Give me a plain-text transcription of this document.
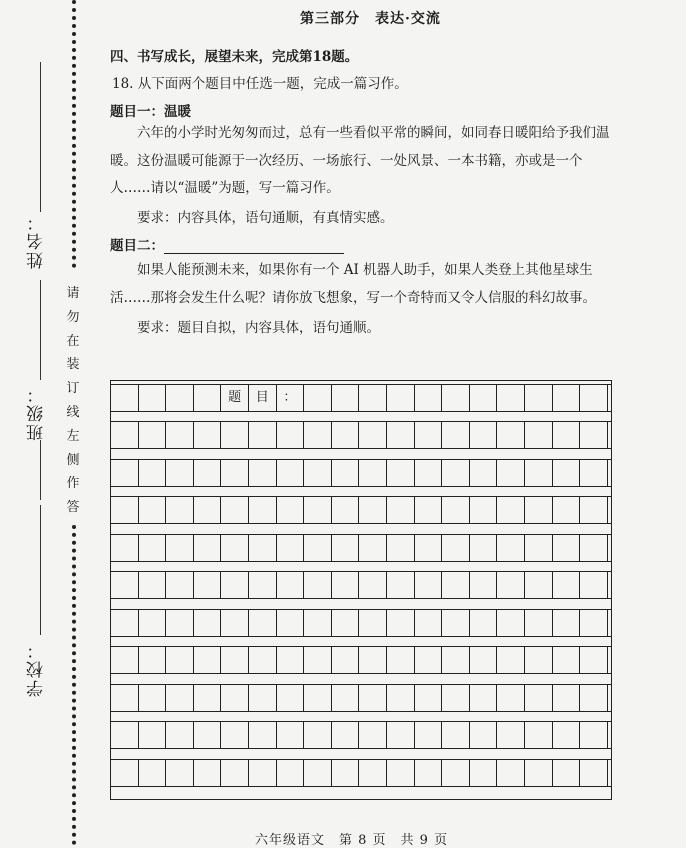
姓名：
班级：
学校：
请
勿
在
装
订
线
左
侧
作
答
第三部分　表达·交流
四、书写成长，展望未来，完成第18题。
18. 从下面两个题目中任选一题，完成一篇习作。
题目一：温暖
六年的小学时光匆匆而过，总有一些看似平常的瞬间，如同春日暖阳给予我们温暖。这份温暖可能源于一次经历、一场旅行、一处风景、一本书籍，亦或是一个人……请以“温暖”为题，写一篇习作。
要求：内容具体，语句通顺，有真情实感。
题目二：
如果人能预测未来，如果你有一个 AI 机器人助手，如果人类登上其他星球生活……那将会发生什么呢？请你放飞想象，写一个奇特而又令人信服的科幻故事。
要求：题目自拟，内容具体，语句通顺。
题	目	：
六年级语文　第 8 页　共 9 页
